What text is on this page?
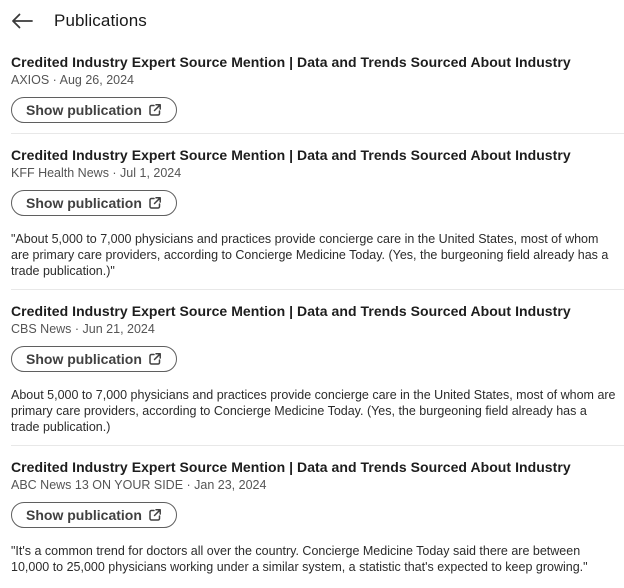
Publications
Credited Industry Expert Source Mention | Data and Trends Sourced About Industry
AXIOS · Aug 26, 2024
Show publication
Credited Industry Expert Source Mention | Data and Trends Sourced About Industry
KFF Health News · Jul 1, 2024
Show publication
"About 5,000 to 7,000 physicians and practices provide concierge care in the United States, most of whom are primary care providers, according to Concierge Medicine Today. (Yes, the burgeoning field already has a trade publication.)"
Credited Industry Expert Source Mention | Data and Trends Sourced About Industry
CBS News · Jun 21, 2024
Show publication
About 5,000 to 7,000 physicians and practices provide concierge care in the United States, most of whom are primary care providers, according to Concierge Medicine Today. (Yes, the burgeoning field already has a trade publication.)
Credited Industry Expert Source Mention | Data and Trends Sourced About Industry
ABC News 13 ON YOUR SIDE · Jan 23, 2024
Show publication
"It's a common trend for doctors all over the country. Concierge Medicine Today said there are between 10,000 to 25,000 physicians working under a similar system, a statistic that's expected to keep growing."
